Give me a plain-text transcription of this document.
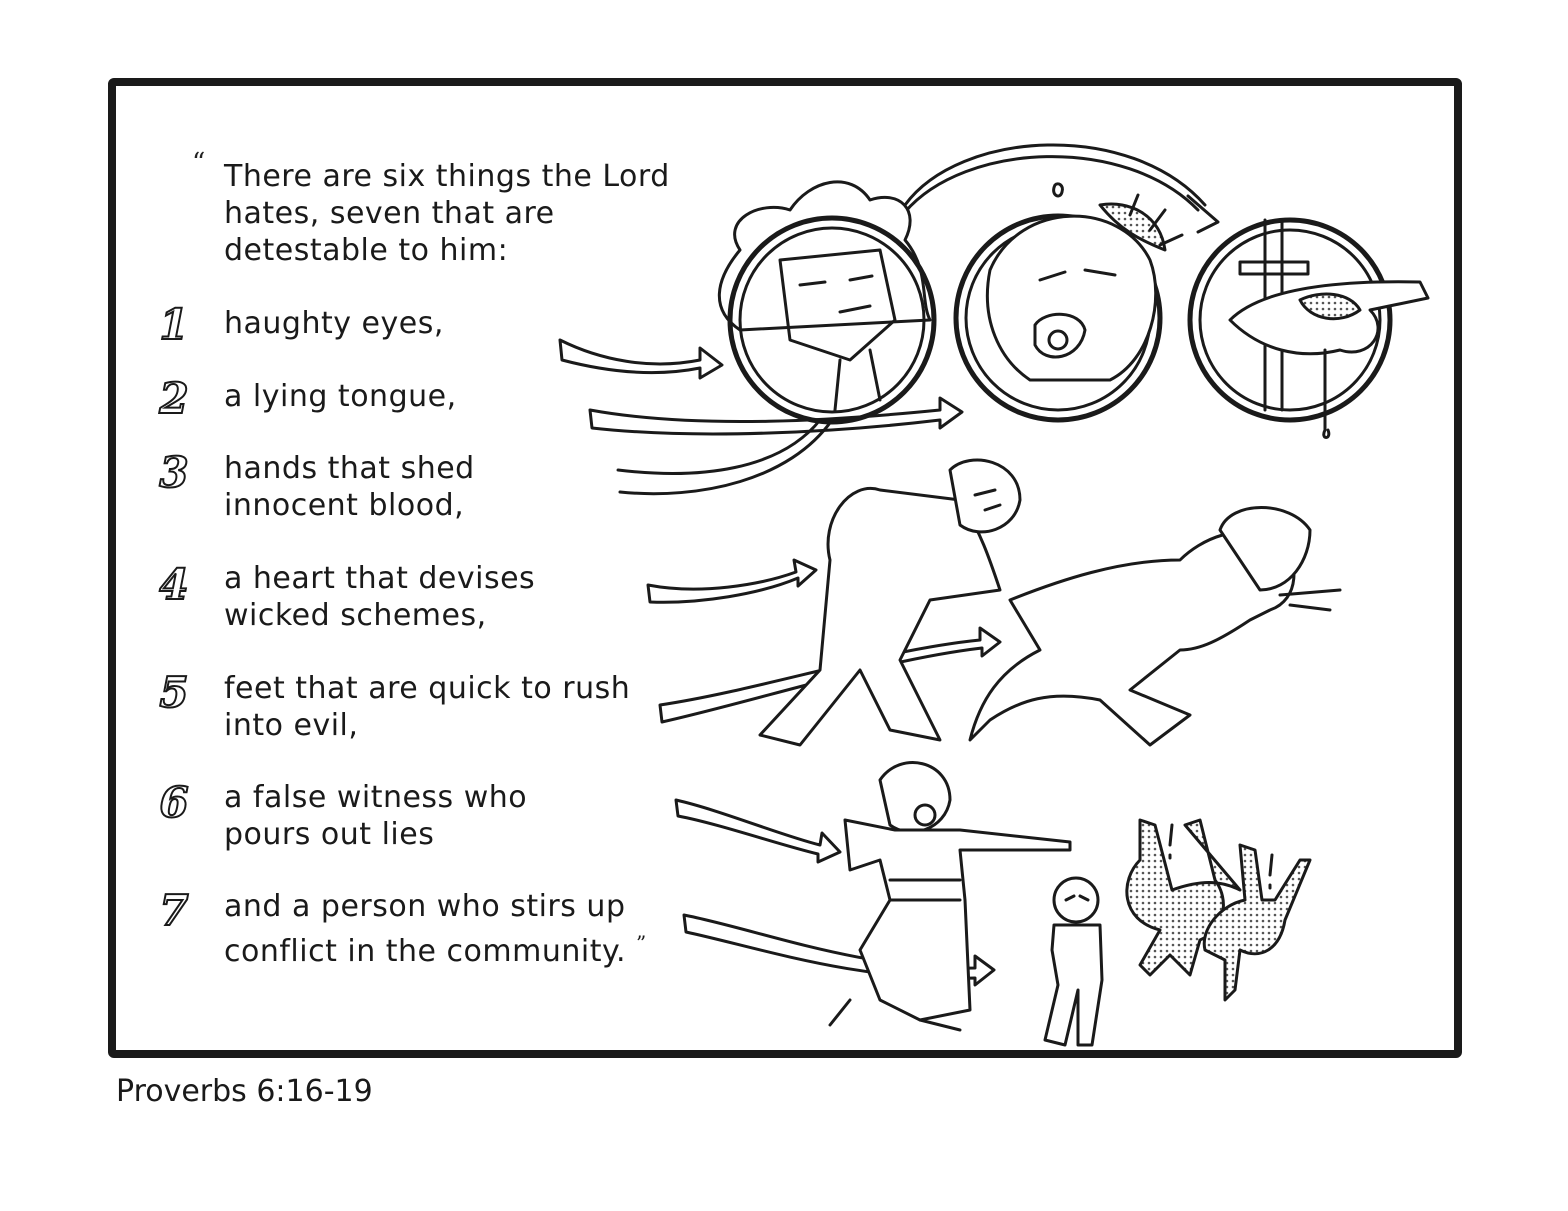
“ There are six things the Lord hates, seven that are detestable to him:
1	haughty eyes,
2	a lying tongue,
3	hands that shed innocent blood,
4	a heart that devises wicked schemes,
5	feet that are quick to rush into evil,
6	a false witness who pours out lies
7	and a person who stirs up conflict in the community. ”
Proverbs 6:16-19
